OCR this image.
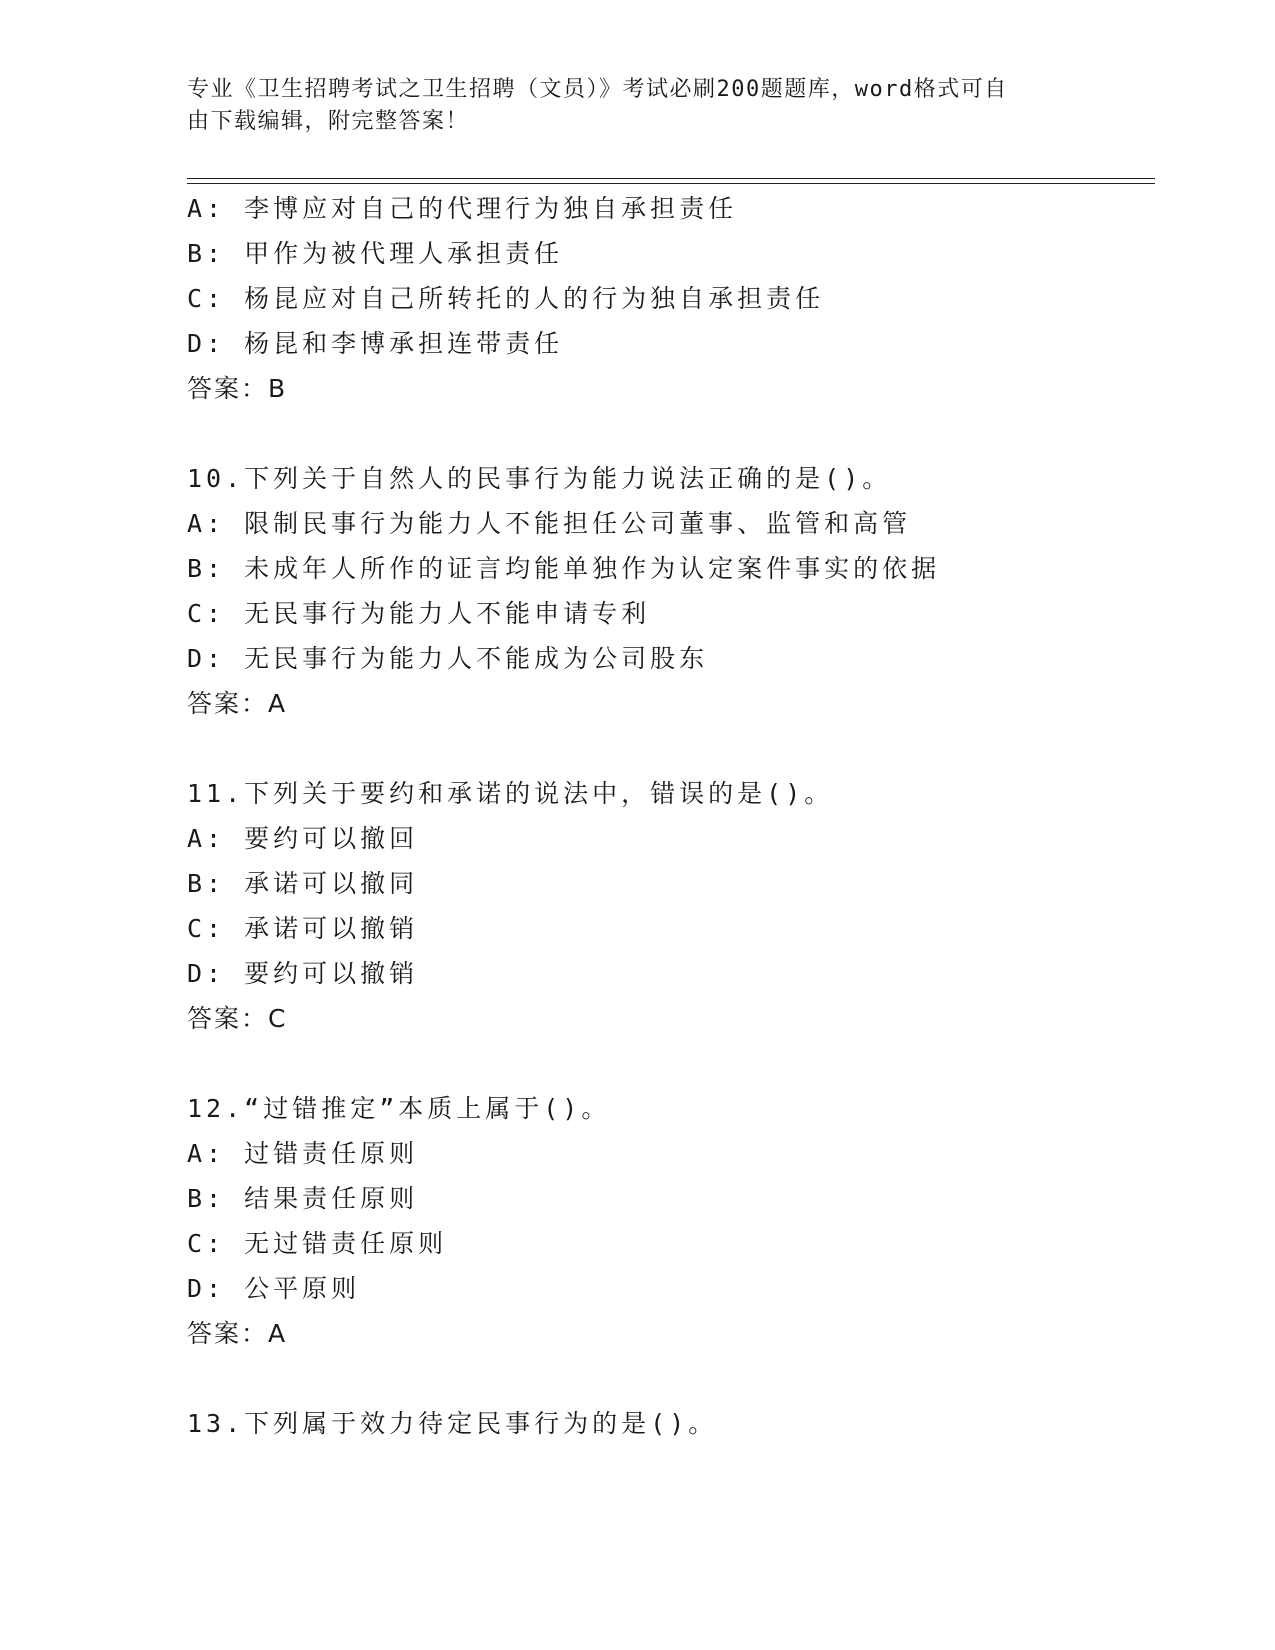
专业《卫生招聘考试之卫生招聘（文员）》考试必刷200题题库，word格式可自
由下载编辑，附完整答案！
A: 李博应对自己的代理行为独自承担责任
B: 甲作为被代理人承担责任
C: 杨昆应对自己所转托的人的行为独自承担责任
D: 杨昆和李博承担连带责任
答案：B
10.下列关于自然人的民事行为能力说法正确的是()。
A: 限制民事行为能力人不能担任公司董事、监管和高管
B: 未成年人所作的证言均能单独作为认定案件事实的依据
C: 无民事行为能力人不能申请专利
D: 无民事行为能力人不能成为公司股东
答案：A
11.下列关于要约和承诺的说法中，错误的是()。
A: 要约可以撤回
B: 承诺可以撤同
C: 承诺可以撤销
D: 要约可以撤销
答案：C
12.“过错推定”本质上属于()。
A: 过错责任原则
B: 结果责任原则
C: 无过错责任原则
D: 公平原则
答案：A
13.下列属于效力待定民事行为的是()。
